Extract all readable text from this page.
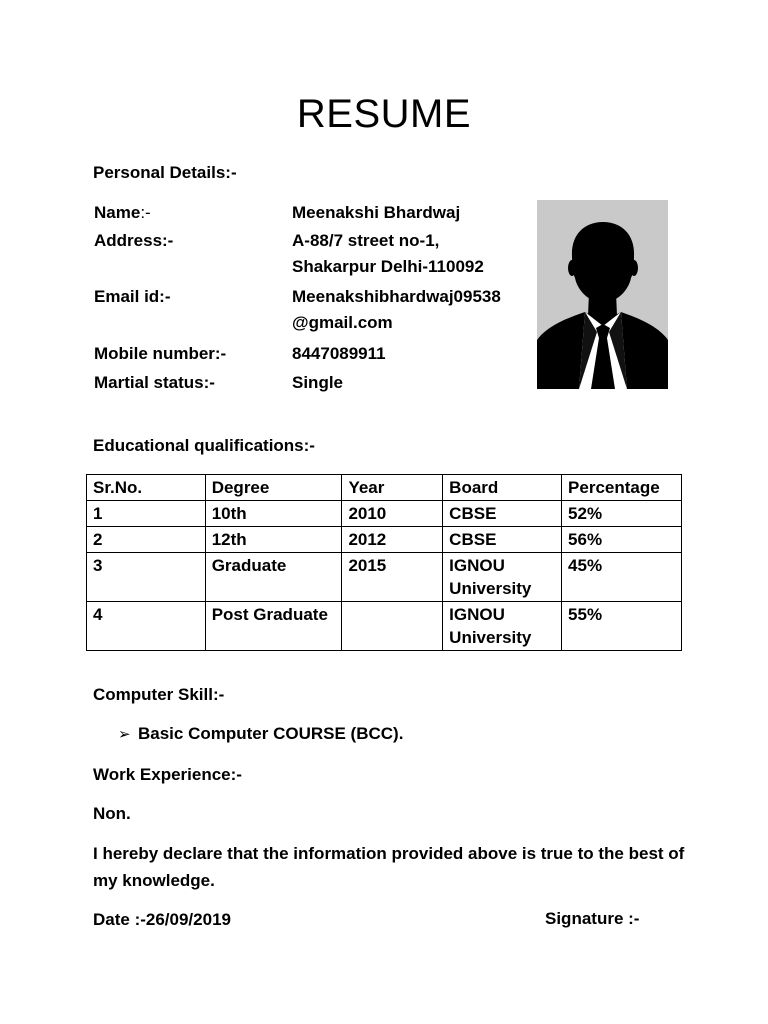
RESUME
Personal Details:-
Name:-	Meenakshi Bhardwaj
Address:-	A-88/7 street no-1,
Shakarpur Delhi-110092
Email id:-	Meenakshibhardwaj09538
@gmail.com
Mobile number:-	8447089911
Martial status:-	Single
Educational qualifications:-
Sr.No.	Degree	Year	Board	Percentage
1	10th	2010	CBSE	52%
2	12th	2012	CBSE	56%
3	Graduate	2015	IGNOU University	45%
4	Post Graduate		IGNOU University	55%
Computer Skill:-
➢ Basic Computer COURSE (BCC).
Work Experience:-
Non.
I hereby declare that the information provided above is true to the best of my knowledge.
Date :-26/09/2019	Signature :-
